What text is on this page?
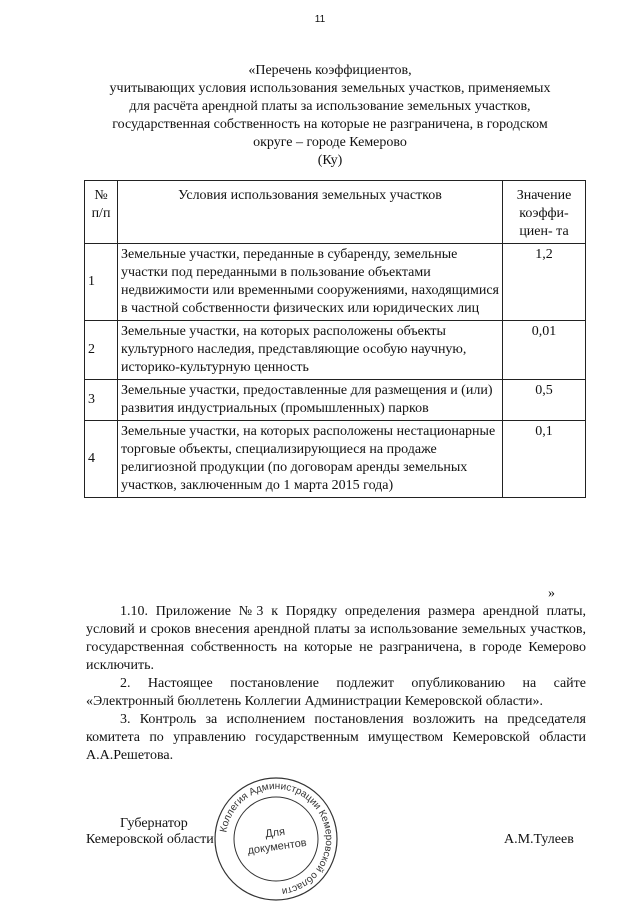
11
«Перечень коэффициентов,
учитывающих условия использования земельных участков, применяемых
для расчёта арендной платы за использование земельных участков,
государственная собственность на которые не разграничена, в городском
округе – городе Кемерово
(Ку)
№ п/п	Условия использования земельных участков	Значение коэффи- циен- та
1	Земельные участки, переданные в субаренду, земельные участки под переданными в пользование объектами недвижимости или временными сооружениями, находящимися в частной собственности физических или юридических лиц	1,2
2	Земельные участки, на которых расположены объекты культурного наследия, представляющие особую научную, историко-культурную ценность	0,01
3	Земельные участки, предоставленные для размещения и (или) развития индустриальных (промышленных) парков	0,5
4	Земельные участки, на которых расположены нестационарные торговые объекты, специализирующиеся на продаже религиозной продукции (по договорам аренды земельных участков, заключенным до 1 марта 2015 года)	0,1
»

1.10. Приложение №3 к Порядку определения размера арендной платы, условий и сроков внесения арендной платы за использование земельных участков, государственная собственность на которые не разграничена, в городе Кемерово исключить.

2. Настоящее постановление подлежит опубликованию на сайте «Электронный бюллетень Коллегии Администрации Кемеровской области».

3. Контроль за исполнением постановления возложить на председателя комитета по управлению государственным имуществом Кемеровской области А.А.Решетова.

Губернатор
Кемеровской области	А.М.Тулеев
Коллегия Администрации Кемеровской области
Для
документов
